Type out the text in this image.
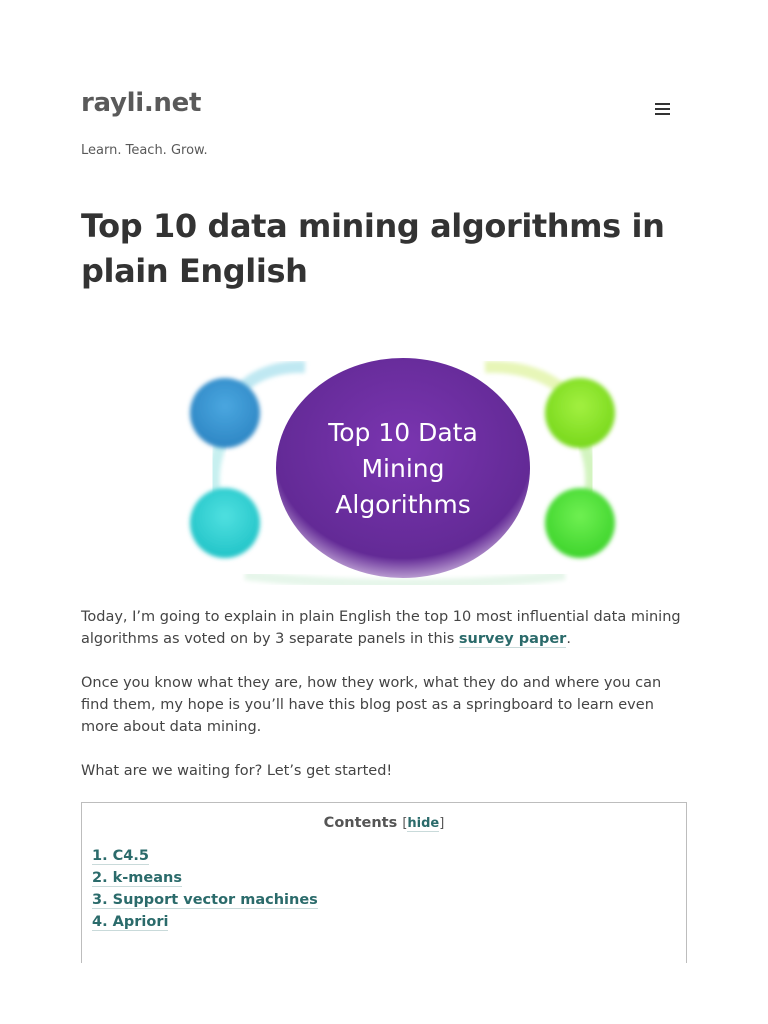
rayli.net
Learn. Teach. Grow.
Top 10 data mining algorithms in plain English
Top 10 Data
Mining
Algorithms

Today, I’m going to explain in plain English the top 10 most influential data mining algorithms as voted on by 3 separate panels in this survey paper.

Once you know what they are, how they work, what they do and where you can find them, my hope is you’ll have this blog post as a springboard to learn even more about data mining.

What are we waiting for? Let’s get started!

Contents [hide]
1. C4.5
2. k-means
3. Support vector machines
4. Apriori
